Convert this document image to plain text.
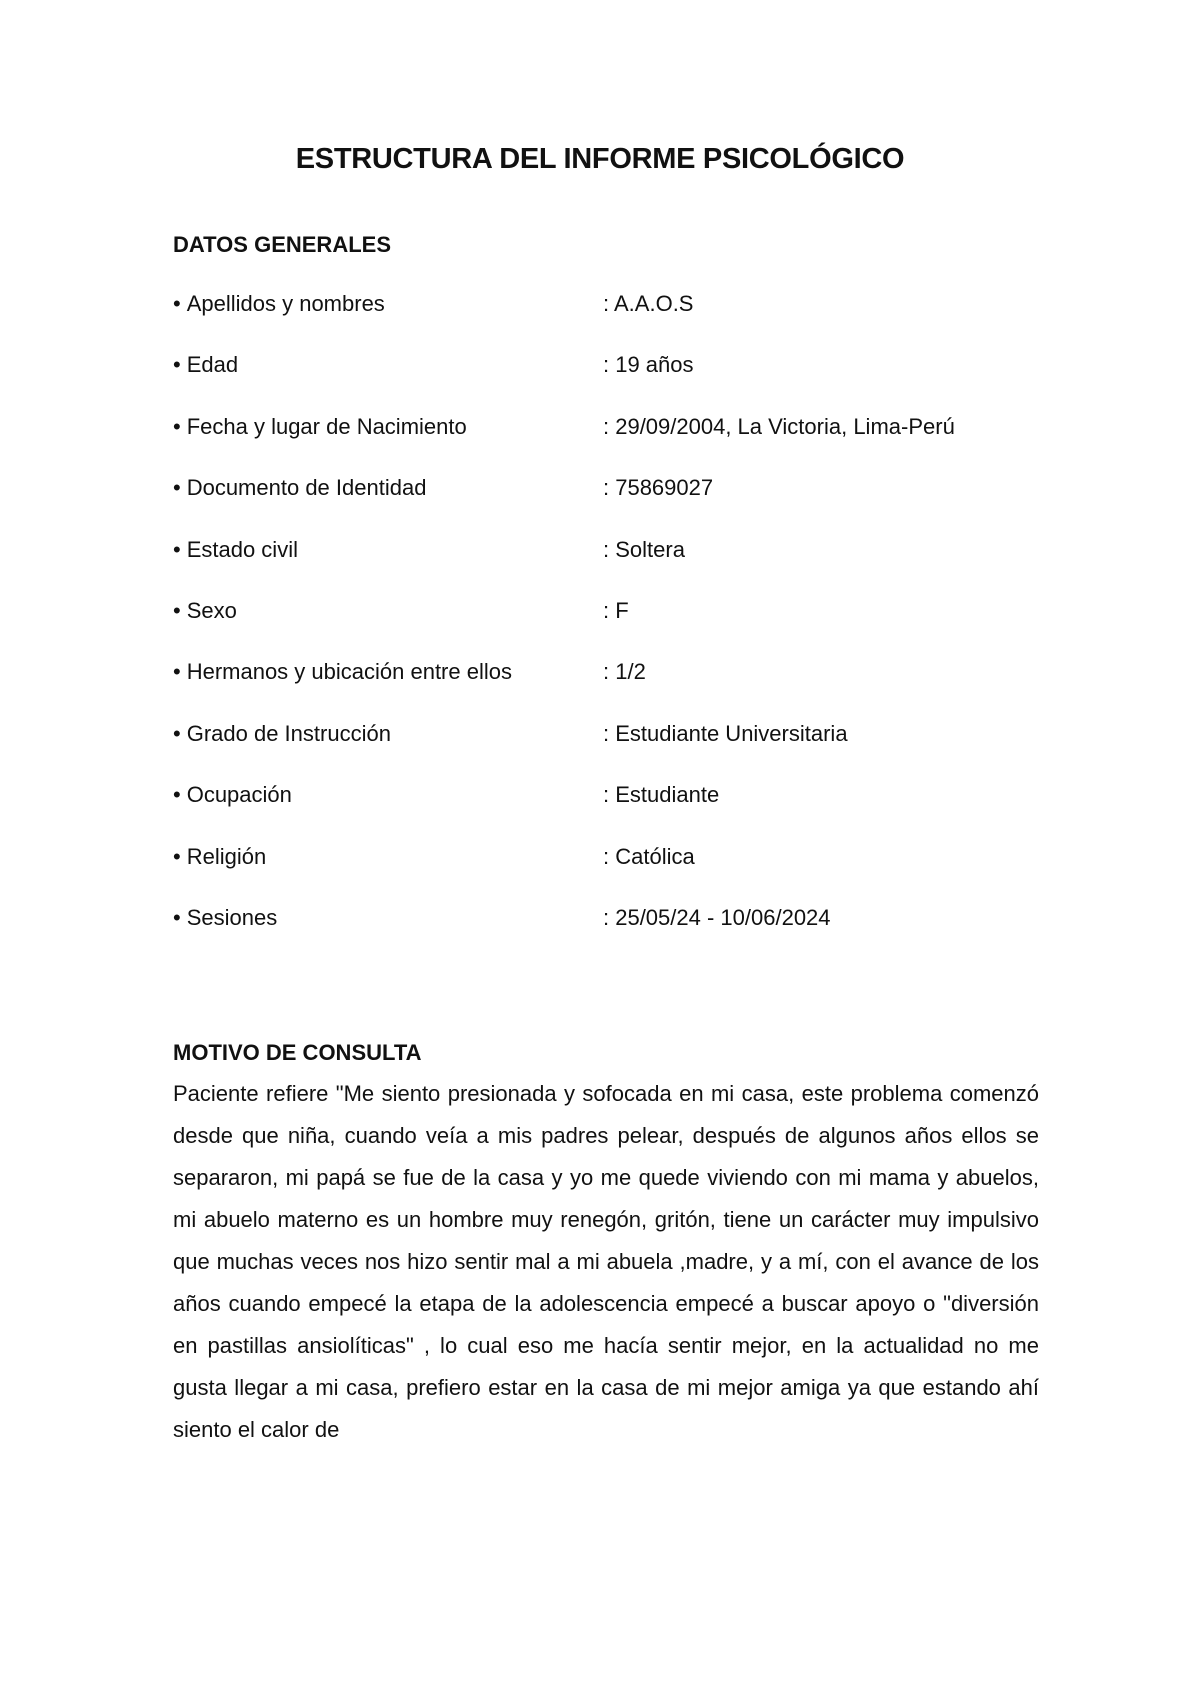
ESTRUCTURA DEL INFORME PSICOLÓGICO
DATOS GENERALES
• Apellidos y nombres	: A.A.O.S
• Edad	: 19 años
• Fecha y lugar de Nacimiento	: 29/09/2004, La Victoria, Lima-Perú
• Documento de Identidad	: 75869027
• Estado civil	: Soltera
• Sexo	: F
• Hermanos y ubicación entre ellos	: 1/2
• Grado de Instrucción	: Estudiante Universitaria
• Ocupación	: Estudiante
• Religión	: Católica
• Sesiones	: 25/05/24 - 10/06/2024
MOTIVO DE CONSULTA

Paciente refiere "Me siento presionada y sofocada en mi casa, este problema comenzó desde que niña, cuando veía a mis padres pelear, después de algunos años ellos se separaron, mi papá se fue de la casa y yo me quede viviendo con mi mama y abuelos, mi abuelo materno es un hombre muy renegón, gritón, tiene un carácter muy impulsivo que muchas veces nos hizo sentir mal a mi abuela ,madre, y a mí, con el avance de los años cuando empecé la etapa de la adolescencia empecé a buscar apoyo o "diversión en pastillas ansiolíticas" , lo cual eso me hacía sentir mejor, en la actualidad no me gusta llegar a mi casa, prefiero estar en la casa de mi mejor amiga ya que estando ahí siento el calor de
